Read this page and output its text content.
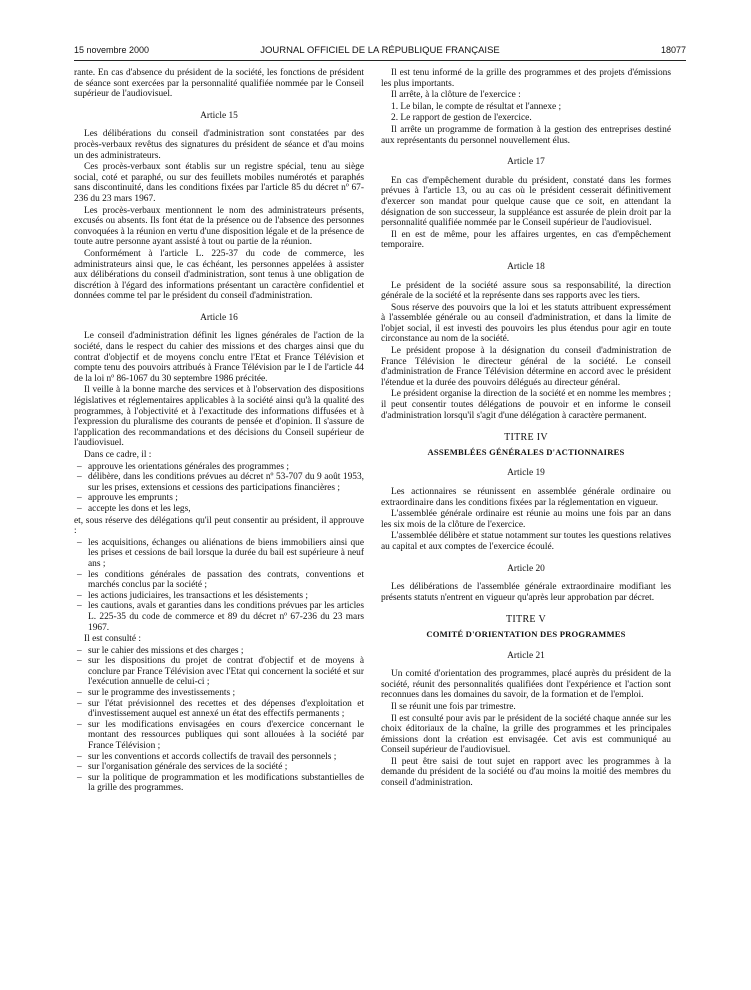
15 novembre 2000	JOURNAL OFFICIEL DE LA RÉPUBLIQUE FRANÇAISE	18077

rante. En cas d'absence du président de la société, les fonctions de président de séance sont exercées par la personnalité qualifiée nommée par le Conseil supérieur de l'audiovisuel.

Article 15

Les délibérations du conseil d'administration sont constatées par des procès-verbaux revêtus des signatures du président de séance et d'au moins un des administrateurs.

Ces procès-verbaux sont établis sur un registre spécial, tenu au siège social, coté et paraphé, ou sur des feuillets mobiles numérotés et paraphés sans discontinuité, dans les conditions fixées par l'article 85 du décret nº 67-236 du 23 mars 1967.

Les procès-verbaux mentionnent le nom des administrateurs présents, excusés ou absents. Ils font état de la présence ou de l'absence des personnes convoquées à la réunion en vertu d'une disposition légale et de la présence de toute autre personne ayant assisté à tout ou partie de la réunion.

Conformément à l'article L. 225-37 du code de commerce, les administrateurs ainsi que, le cas échéant, les personnes appelées à assister aux délibérations du conseil d'administration, sont tenus à une obligation de discrétion à l'égard des informations présentant un caractère confidentiel et données comme tel par le président du conseil d'administration.

Article 16

Le conseil d'administration définit les lignes générales de l'action de la société, dans le respect du cahier des missions et des charges ainsi que du contrat d'objectif et de moyens conclu entre l'Etat et France Télévision et compte tenu des pouvoirs attribués à France Télévision par le I de l'article 44 de la loi nº 86-1067 du 30 septembre 1986 précitée.

Il veille à la bonne marche des services et à l'observation des dispositions législatives et réglementaires applicables à la société ainsi qu'à la qualité des programmes, à l'objectivité et à l'exactitude des informations diffusées et à l'expression du pluralisme des courants de pensée et d'opinion. Il s'assure de l'application des recommandations et des décisions du Conseil supérieur de l'audiovisuel.

Dans ce cadre, il :

– approuve les orientations générales des programmes ;
– délibère, dans les conditions prévues au décret nº 53-707 du 9 août 1953, sur les prises, extensions et cessions des participations financières ;
– approuve les emprunts ;
– accepte les dons et les legs,

et, sous réserve des délégations qu'il peut consentir au président, il approuve :

– les acquisitions, échanges ou aliénations de biens immobiliers ainsi que les prises et cessions de bail lorsque la durée du bail est supérieure à neuf ans ;
– les conditions générales de passation des contrats, conventions et marchés conclus par la société ;
– les actions judiciaires, les transactions et les désistements ;
– les cautions, avals et garanties dans les conditions prévues par les articles L. 225-35 du code de commerce et 89 du décret nº 67-236 du 23 mars 1967.

Il est consulté :

– sur le cahier des missions et des charges ;
– sur les dispositions du projet de contrat d'objectif et de moyens à conclure par France Télévision avec l'Etat qui concernent la société et sur l'exécution annuelle de celui-ci ;
– sur le programme des investissements ;
– sur l'état prévisionnel des recettes et des dépenses d'exploitation et d'investissement auquel est annexé un état des effectifs permanents ;
– sur les modifications envisagées en cours d'exercice concernant le montant des ressources publiques qui sont allouées à la société par France Télévision ;
– sur les conventions et accords collectifs de travail des personnels ;
– sur l'organisation générale des services de la société ;
– sur la politique de programmation et les modifications substantielles de la grille des programmes.

Il est tenu informé de la grille des programmes et des projets d'émissions les plus importants.

Il arrête, à la clôture de l'exercice :

1. Le bilan, le compte de résultat et l'annexe ;

2. Le rapport de gestion de l'exercice.

Il arrête un programme de formation à la gestion des entreprises destiné aux représentants du personnel nouvellement élus.

Article 17

En cas d'empêchement durable du président, constaté dans les formes prévues à l'article 13, ou au cas où le président cesserait définitivement d'exercer son mandat pour quelque cause que ce soit, en attendant la désignation de son successeur, la suppléance est assurée de plein droit par la personnalité qualifiée nommée par le Conseil supérieur de l'audiovisuel.

Il en est de même, pour les affaires urgentes, en cas d'empêchement temporaire.

Article 18

Le président de la société assure sous sa responsabilité, la direction générale de la société et la représente dans ses rapports avec les tiers.

Sous réserve des pouvoirs que la loi et les statuts attribuent expressément à l'assemblée générale ou au conseil d'administration, et dans la limite de l'objet social, il est investi des pouvoirs les plus étendus pour agir en toute circonstance au nom de la société.

Le président propose à la désignation du conseil d'administration de France Télévision le directeur général de la société. Le conseil d'administration de France Télévision détermine en accord avec le président l'étendue et la durée des pouvoirs délégués au directeur général.

Le président organise la direction de la société et en nomme les membres ; il peut consentir toutes délégations de pouvoir et en informe le conseil d'administration lorsqu'il s'agit d'une délégation à caractère permanent.

TITRE IV
ASSEMBLÉES GÉNÉRALES D'ACTIONNAIRES
Article 19

Les actionnaires se réunissent en assemblée générale ordinaire ou extraordinaire dans les conditions fixées par la réglementation en vigueur.

L'assemblée générale ordinaire est réunie au moins une fois par an dans les six mois de la clôture de l'exercice.

L'assemblée délibère et statue notamment sur toutes les questions relatives au capital et aux comptes de l'exercice écoulé.

Article 20

Les délibérations de l'assemblée générale extraordinaire modifiant les présents statuts n'entrent en vigueur qu'après leur approbation par décret.

TITRE V
COMITÉ D'ORIENTATION DES PROGRAMMES
Article 21

Un comité d'orientation des programmes, placé auprès du président de la société, réunit des personnalités qualifiées dont l'expérience et l'action sont reconnues dans les domaines du savoir, de la formation et de l'emploi.

Il se réunit une fois par trimestre.

Il est consulté pour avis par le président de la société chaque année sur les choix éditoriaux de la chaîne, la grille des programmes et les principales émissions dont la création est envisagée. Cet avis est communiqué au Conseil supérieur de l'audiovisuel.

Il peut être saisi de tout sujet en rapport avec les programmes à la demande du président de la société ou d'au moins la moitié des membres du conseil d'administration.
